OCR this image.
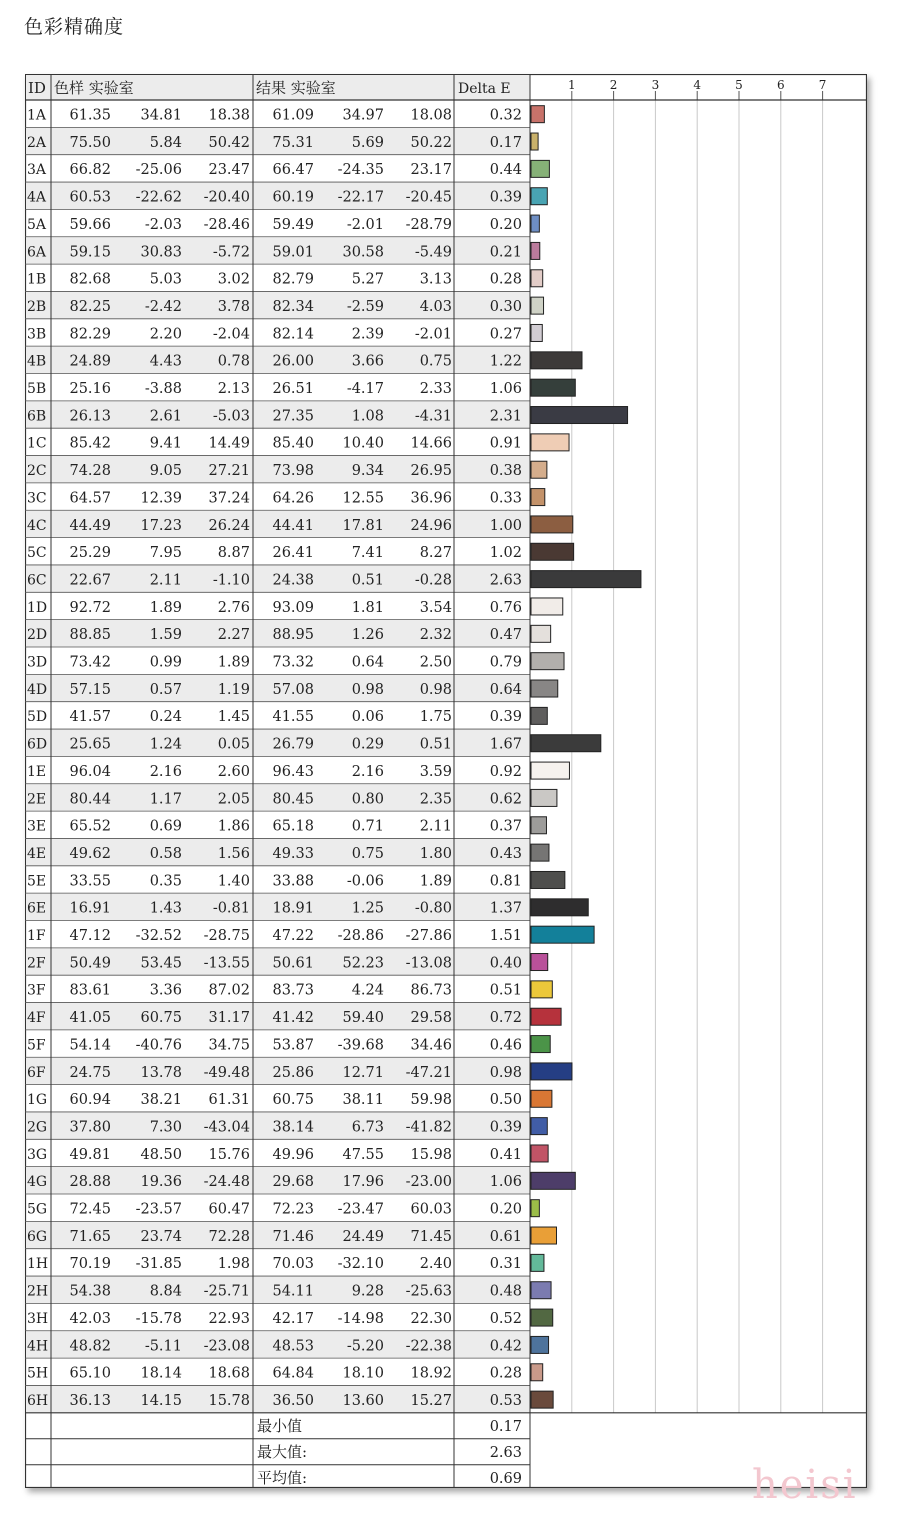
色彩精确度
ID 色样 实验室	结果 实验室	Delta E	1	2	3	4	5	6	7
1A 61.35 34.81 18.38 61.09 34.97 18.08	0.32
2A 75.50	5.84 50.42 75.31	5.69 50.22	0.17
3A 66.82 -25.06 23.47 66.47 -24.35 23.17	0.44
4A 60.53 -22.62 -20.40 60.19 -22.17 -20.45	0.39
5A 59.66 -2.03 -28.46 59.49 -2.01 -28.79	0.20
6A 59.15 30.83 -5.72 59.01 30.58 -5.49	0.21
1B 82.68	5.03 3.02 82.79	5.27 3.13	0.28
2B 82.25 -2.42 3.78 82.34 -2.59 4.03	0.30
3B 82.29	2.20 -2.04 82.14	2.39 -2.01	0.27
4B 24.89	4.43 0.78 26.00	3.66 0.75	1.22
5B 25.16 -3.88 2.13 26.51 -4.17 2.33	1.06
6B 26.13	2.61 -5.03 27.35	1.08 -4.31	2.31
1C 85.42	9.41 14.49 85.40 10.40 14.66	0.91
2C 74.28	9.05 27.21 73.98	9.34 26.95	0.38
3C 64.57 12.39 37.24 64.26 12.55 36.96	0.33
4C 44.49 17.23 26.24 44.41 17.81 24.96	1.00
5C 25.29	7.95 8.87 26.41	7.41 8.27	1.02
6C 22.67	2.11 -1.10 24.38	0.51 -0.28	2.63
1D 92.72	1.89 2.76 93.09	1.81 3.54	0.76
2D 88.85	1.59 2.27 88.95	1.26 2.32	0.47
3D 73.42	0.99 1.89 73.32	0.64 2.50	0.79
4D 57.15	0.57 1.19 57.08	0.98 0.98	0.64
5D 41.57	0.24 1.45 41.55	0.06 1.75	0.39
6D 25.65	1.24 0.05 26.79	0.29 0.51	1.67
1E 96.04	2.16 2.60 96.43	2.16 3.59	0.92
2E 80.44	1.17 2.05 80.45	0.80 2.35	0.62
3E 65.52	0.69 1.86 65.18	0.71 2.11	0.37
4E 49.62	0.58 1.56 49.33	0.75 1.80	0.43
5E 33.55	0.35 1.40 33.88 -0.06 1.89	0.81
6E 16.91	1.43 -0.81 18.91	1.25 -0.80	1.37
1F 47.12 -32.52 -28.75 47.22 -28.86 -27.86	1.51
2F 50.49 53.45 -13.55 50.61 52.23 -13.08	0.40
3F 83.61	3.36 87.02 83.73	4.24 86.73	0.51
4F 41.05 60.75 31.17 41.42 59.40 29.58	0.72
5F 54.14 -40.76 34.75 53.87 -39.68 34.46	0.46
6F 24.75 13.78 -49.48 25.86 12.71 -47.21	0.98
1G 60.94 38.21 61.31 60.75 38.11 59.98	0.50
2G 37.80	7.30 -43.04 38.14	6.73 -41.82	0.39
3G 49.81 48.50 15.76 49.96 47.55 15.98	0.41
4G 28.88 19.36 -24.48 29.68 17.96 -23.00	1.06
5G 72.45 -23.57 60.47 72.23 -23.47 60.03	0.20
6G 71.65 23.74 72.28 71.46 24.49 71.45	0.61
1H 70.19 -31.85 1.98 70.03 -32.10 2.40	0.31
2H 54.38	8.84 -25.71 54.11	9.28 -25.63	0.48
3H 42.03 -15.78 22.93 42.17 -14.98 22.30	0.52
4H 48.82 -5.11 -23.08 48.53 -5.20 -22.38	0.42
5H 65.10 18.14 18.68 64.84 18.10 18.92	0.28
6H 36.13 14.15 15.78 36.50 13.60 15.27	0.53
最小值	0.17
最大值:	2.63
平均值:	0.69	heisi
